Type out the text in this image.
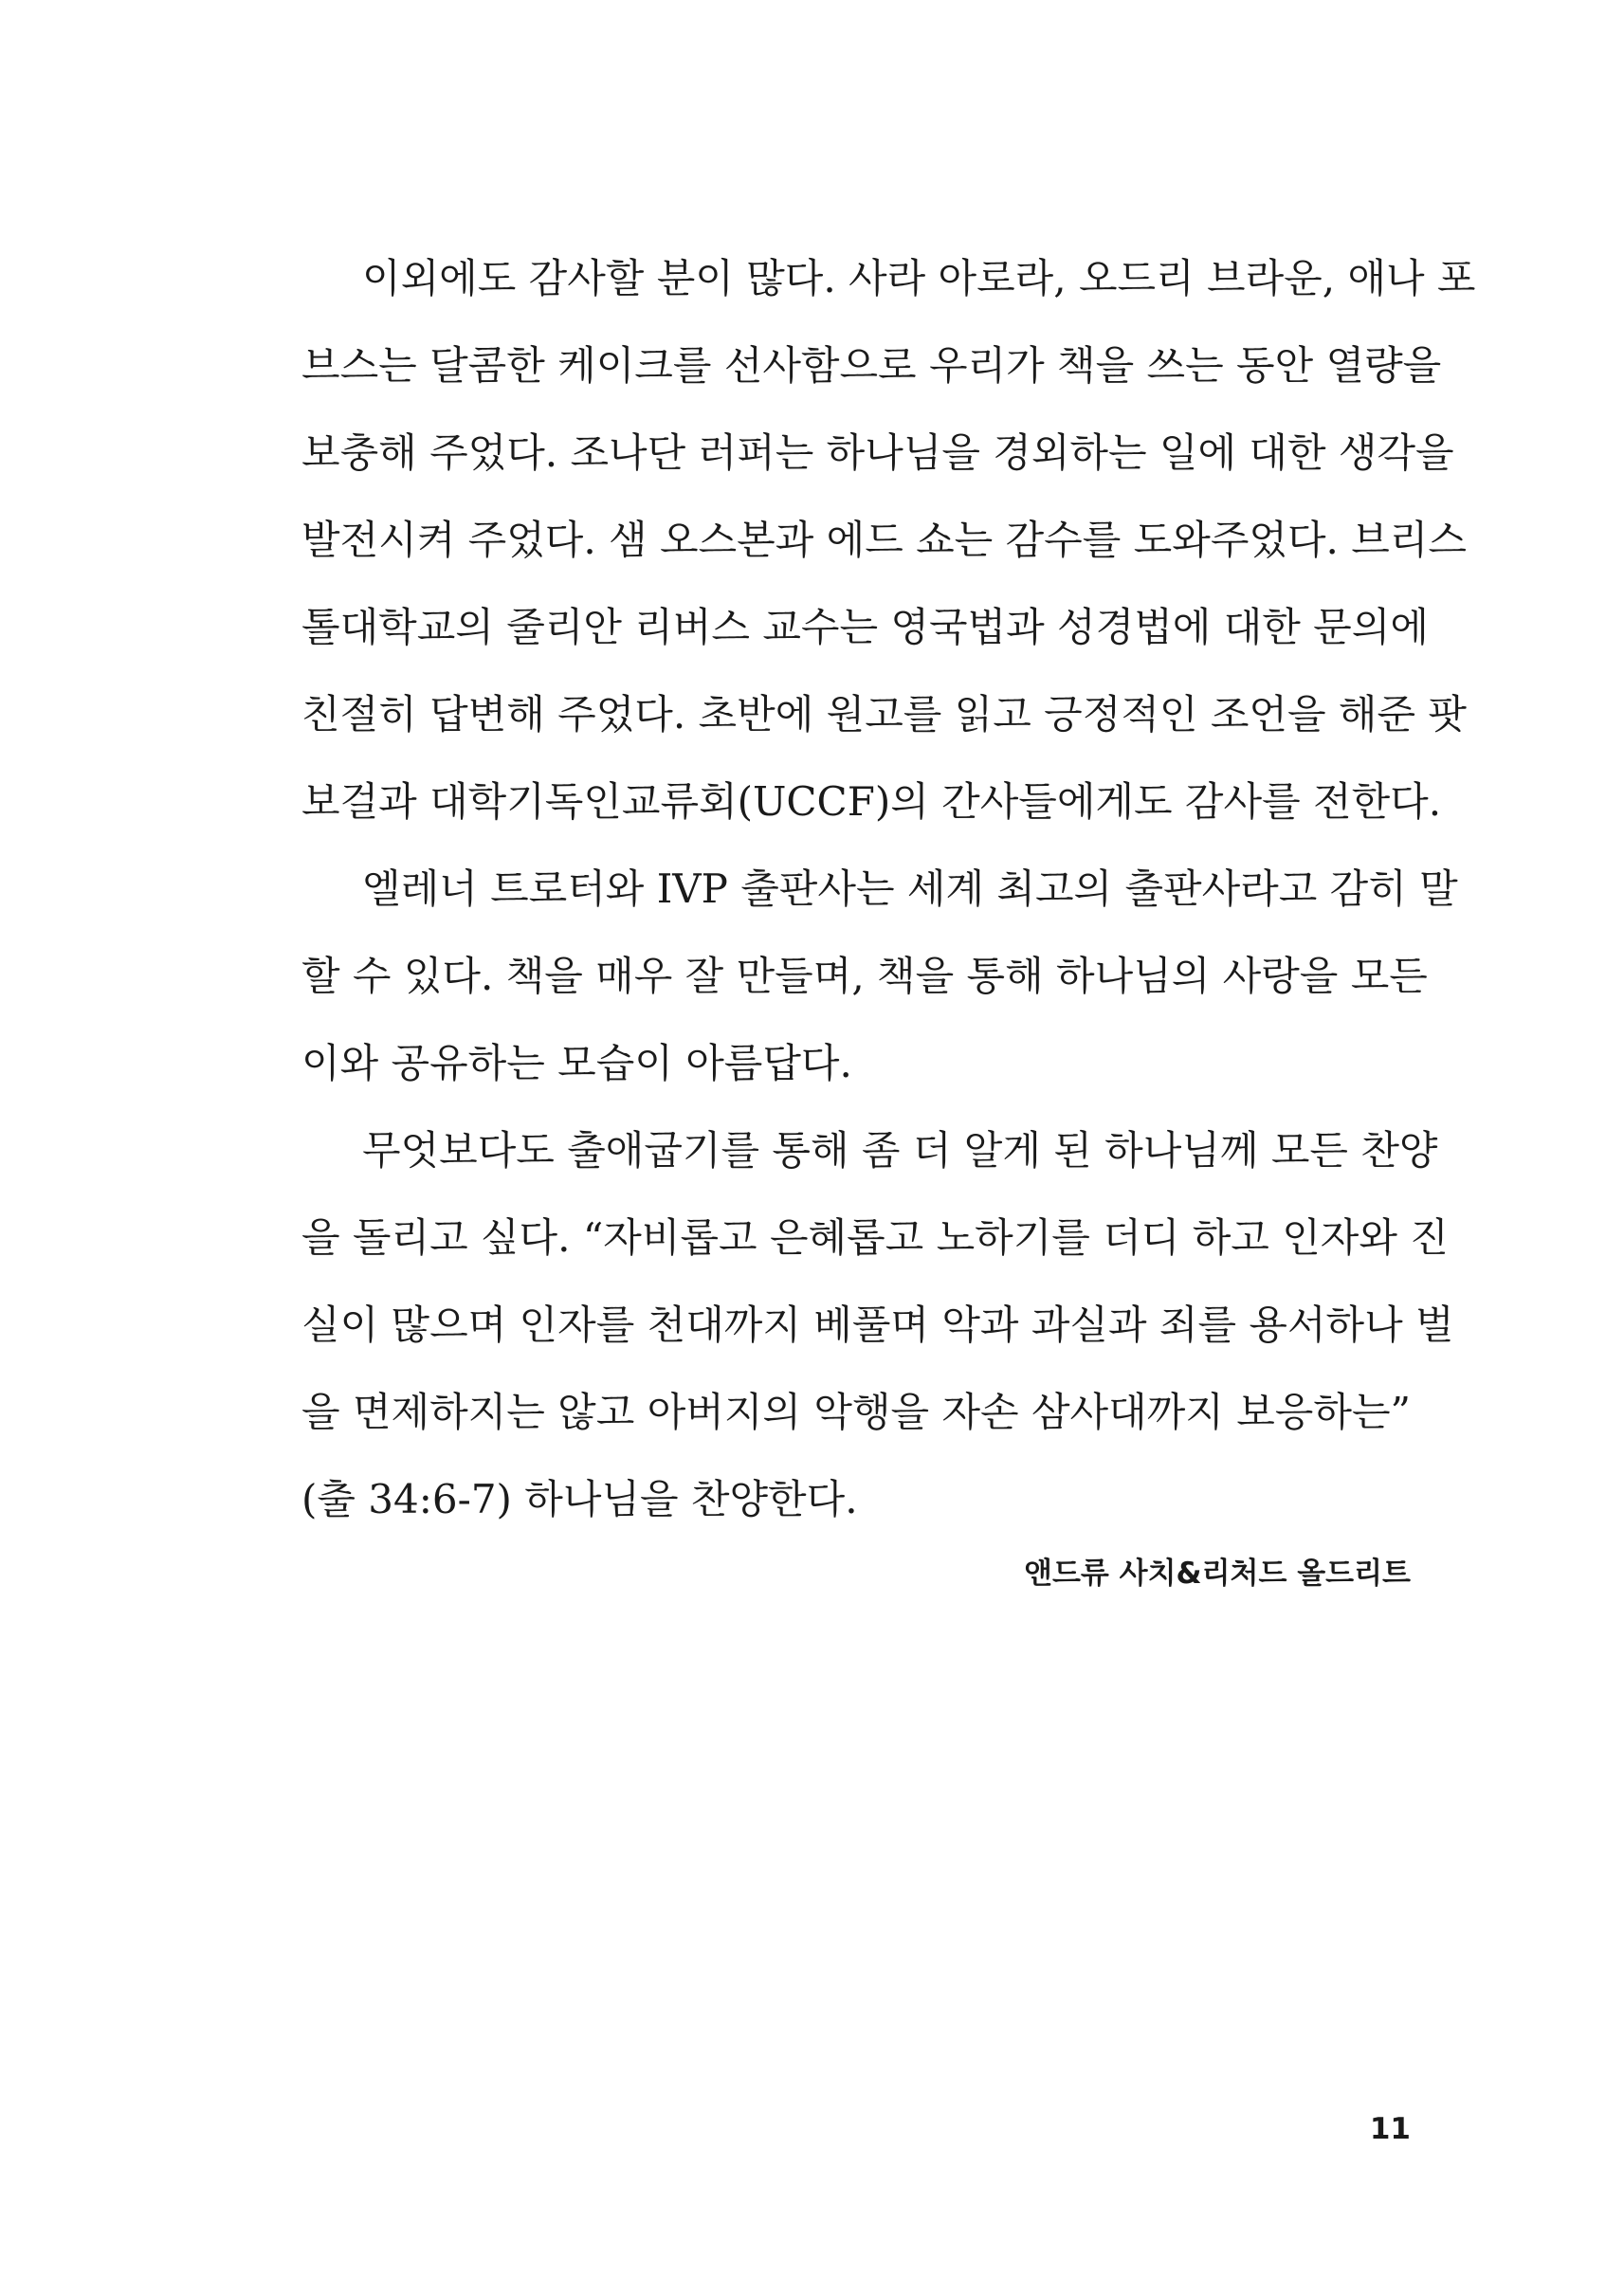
이외에도 감사할 분이 많다. 사라 아로라, 오드리 브라운, 애나 포
브스는 달콤한 케이크를 선사함으로 우리가 책을 쓰는 동안 열량을
보충해 주었다. 조나단 러퍼는 하나님을 경외하는 일에 대한 생각을
발전시켜 주었다. 샘 오스본과 에드 쇼는 감수를 도와주었다. 브리스
톨대학교의 줄리안 리버스 교수는 영국법과 성경법에 대한 문의에
친절히 답변해 주었다. 초반에 원고를 읽고 긍정적인 조언을 해준 팟
보걸과 대학기독인교류회(UCCF)의 간사들에게도 감사를 전한다.
엘레너 트로터와 IVP 출판사는 세계 최고의 출판사라고 감히 말
할 수 있다. 책을 매우 잘 만들며, 책을 통해 하나님의 사랑을 모든
이와 공유하는 모습이 아름답다.
무엇보다도 출애굽기를 통해 좀 더 알게 된 하나님께 모든 찬양
을 돌리고 싶다. “자비롭고 은혜롭고 노하기를 더디 하고 인자와 진
실이 많으며 인자를 천대까지 베풀며 악과 과실과 죄를 용서하나 벌
을 면제하지는 않고 아버지의 악행을 자손 삼사대까지 보응하는”
(출 34:6-7) 하나님을 찬양한다.
앤드류 사치&리처드 올드리트
11
